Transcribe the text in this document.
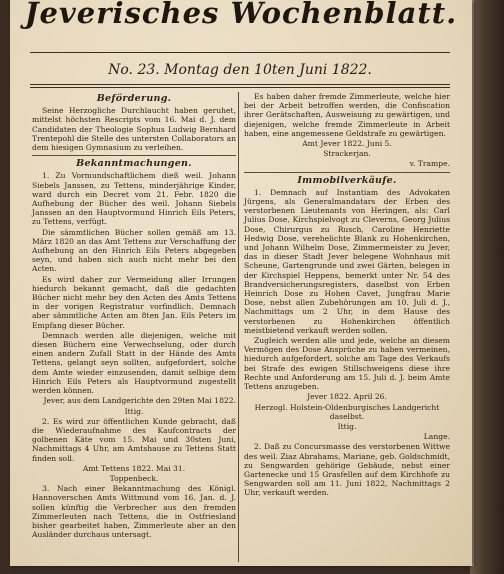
Jeverisches Wochenblatt.
No. 23. Montag den 10ten Juni 1822.
Beförderung.

Seine Herzogliche Durchlaucht haben geruhet, mittelst höchsten Rescripts vom 16. Mai d. J. dem Candidaten der Theologie Sophus Ludwig Bernhard Trentepohl die Stelle des untersten Collaborators an dem hiesigen Gymnasium zu verleihen.

Bekanntmachungen.

1. Zu Vormundschaftlichem dieß weil. Johann Siebels Janssen, zu Tettens, minderjährige Kinder, ward durch ein Decret vom 21. Febr. 1820 die Aufhebung der Bücher des weil. Johann Siebels Janssen an den Hauptvormund Hinrich Eils Peters, zu Tettens, verfügt.

Die sämmtlichen Bücher sollen gemäß am 13. März 1820 an das Amt Tettens zur Verschaffung der Aufhebung an den Hinrich Eils Peters abgegeben seyn, und haben sich auch nicht mehr bei den Acten.

Es wird daher zur Vermeidung aller Irrungen hiedurch bekannt gemacht, daß die gedachten Bücher nicht mehr bey den Acten des Amts Tettens in der vorigen Registratur vorfindlich. Demnach aber sämmtliche Acten am 8ten Jan. Eils Peters im Empfang dieser Bücher.

Demnach werden alle diejenigen, welche mit diesen Büchern eine Verwechselung, oder durch einen andern Zufall Statt in der Hände des Amts Tettens, gelangt seyn sollten, aufgefordert, solche dem Amte wieder einzusenden, damit selbige dem Hinrich Eils Peters als Hauptvormund zugestellt werden können.

Jever, aus dem Landgerichte den 29ten Mai 1822.
Ittig.

2. Es wird zur öffentlichen Kunde gebracht, daß die Wiederaufnahme des Kaufcontracts der golbenen Käte vom 15. Mai und 30sten Juni, Nachmittags 4 Uhr, am Amtshause zu Tettens Statt finden soll.

Amt Tettens 1822. Mai 31.
Toppenbeck.

3. Nach einer Bekanntmachung des Königl. Hannoverschen Amts Wittmund vom 16. Jan. d. J. sollen künftig die Verbrecher aus den fremden Zimmerleuten nach Tettens, die in Ostfriesland bisher gearbeitet haben, Zimmerleute aber an den Ausländer durchaus untersagt.

Es haben daher fremde Zimmerleute, welche hier bei der Arbeit betroffen werden, die Confiscation ihrer Gerätschaften, Ausweisung zu gewärtigen, und diejenigen, welche fremde Zimmerleute in Arbeit haben, eine angemessene Geldstrafe zu gewärtigen.

Amt Jever 1822. Juni 5.
Strackerjan.
v. Trampe.
Immobilverkäufe.

1. Demnach auf Instantiam des Advokaten Jürgens, als Generalmandatars der Erben des verstorbenen Lieutenants von Heringen, als: Carl Julius Dose, Kirchspielvogt zu Cleverns, Georg Julius Dose, Chirurgus zu Rusch, Caroline Henriette Hedwig Dose, verehelichte Blank zu Hohenkirchen, und Johann Wilhelm Dose, Zimmermeister zu Jever, das in dieser Stadt Jever belegene Wohnhaus mit Scheune, Gartengrunde und zwei Gärten, belegen in der Kirchspiel Heppens, bemerkt unter Nr. 54 des Brandversicherungsregisters, daselbst von Erben Heinrich Dose zu Hohen Cavet, Jungfrau Marie Dose, nebst allen Zubehörungen am 10. Juli d. J., Nachmittags um 2 Uhr, in dem Hause des verstorbenen zu Hohenkirchen öffentlich meistbietend verkauft werden sollen.

Zugleich werden alle und jede, welche an diesem Vermögen des Dose Ansprüche zu haben vermeinen, hiedurch aufgefordert, solche am Tage des Verkaufs bei Strafe des ewigen Stillschweigens diese ihre Rechte und Anforderung am 15. Juli d. J. beim Amte Tettens anzugeben.

Jever 1822. April 26.
Herzogl. Holstein-Oldenburgisches Landgericht daselbst.
Ittig.
Lange.

2. Daß zu Concursmasse des verstorbenen Wittwe des weil. Ziaz Abrahams, Mariane, geb. Goldschmidt, zu Sengwarden gehörige Gebäude, nebst einer Gartenecke und 15 Grasfellen auf dem Kirchhofe zu Sengwarden soll am 11. Juni 1822, Nachmittags 2 Uhr, verkauft werden.
